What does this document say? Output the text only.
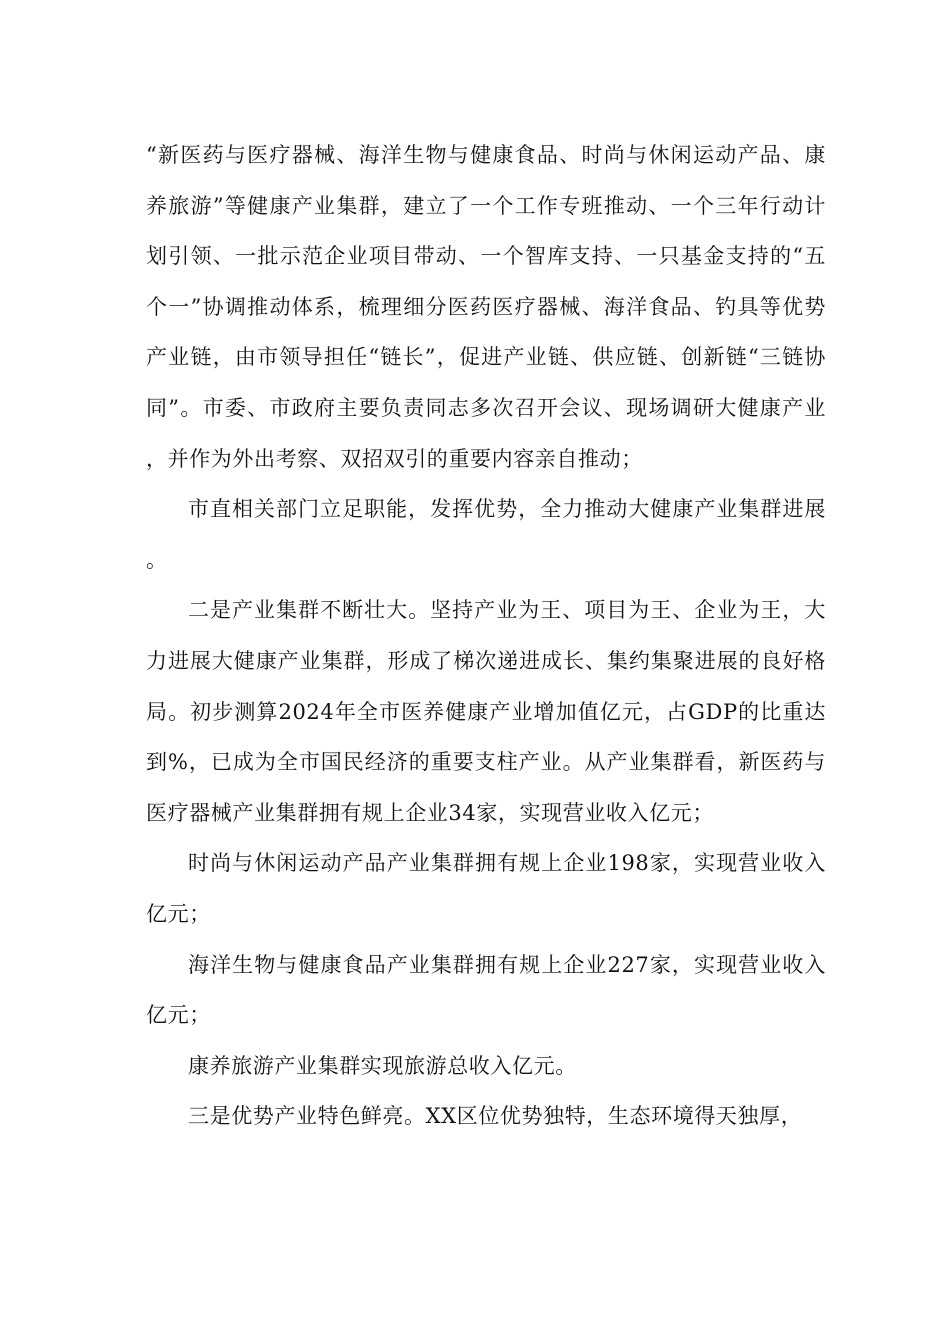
“新医药与医疗器械、海洋生物与健康食品、时尚与休闲运动产品、康养旅游”等健康产业集群，建立了一个工作专班推动、一个三年行动计划引领、一批示范企业项目带动、一个智库支持、一只基金支持的“五个一”协调推动体系，梳理细分医药医疗器械、海洋食品、钓具等优势产业链，由市领导担任“链长”，促进产业链、供应链、创新链“三链协同”。市委、市政府主要负责同志多次召开会议、现场调研大健康产业，并作为外出考察、双招双引的重要内容亲自推动；

市直相关部门立足职能，发挥优势，全力推动大健康产业集群进展。

二是产业集群不断壮大。坚持产业为王、项目为王、企业为王，大力进展大健康产业集群，形成了梯次递进成长、集约集聚进展的良好格局。初步测算2024年全市医养健康产业增加值亿元，占GDP的比重达到%，已成为全市国民经济的重要支柱产业。从产业集群看，新医药与医疗器械产业集群拥有规上企业34家，实现营业收入亿元；

时尚与休闲运动产品产业集群拥有规上企业198家，实现营业收入亿元；

海洋生物与健康食品产业集群拥有规上企业227家，实现营业收入亿元；

康养旅游产业集群实现旅游总收入亿元。

三是优势产业特色鲜亮。XX区位优势独特，生态环境得天独厚，
